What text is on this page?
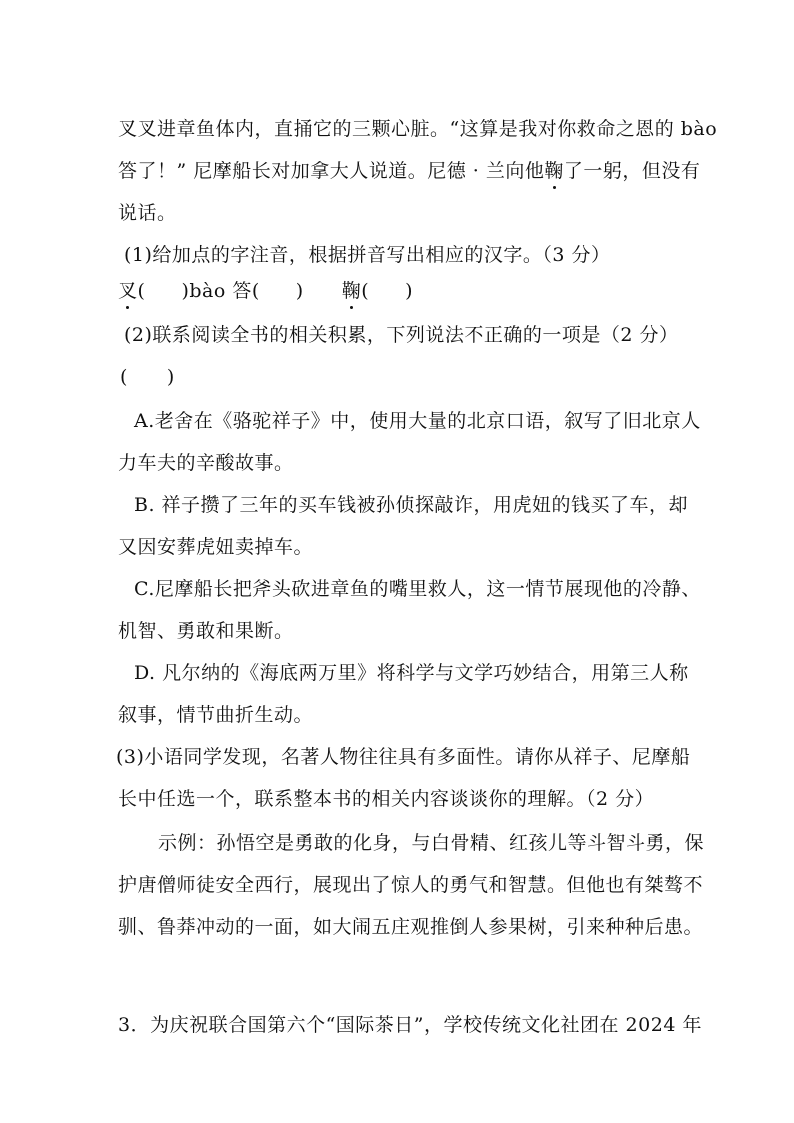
叉叉进章鱼体内，直捅它的三颗心脏。“这算是我对你救命之恩的 bào
答了！” 尼摩船长对加拿大人说道。尼德 · 兰向他鞠了一躬，但没有
说话。
(1)给加点的字注音，根据拼音写出相应的汉字。（3 分）
叉( )bào 答( ) 鞠( )
(2)联系阅读全书的相关积累，下列说法不正确的一项是（2 分）
(　　)
A.老舍在《骆驼祥子》中，使用大量的北京口语，叙写了旧北京人
力车夫的辛酸故事。
B. 祥子攒了三年的买车钱被孙侦探敲诈，用虎妞的钱买了车，却
又因安葬虎妞卖掉车。
C.尼摩船长把斧头砍进章鱼的嘴里救人，这一情节展现他的冷静、
机智、勇敢和果断。
D. 凡尔纳的《海底两万里》将科学与文学巧妙结合，用第三人称
叙事，情节曲折生动。
(3)小语同学发现，名著人物往往具有多面性。请你从祥子、尼摩船
长中任选一个，联系整本书的相关内容谈谈你的理解。（2 分）
示例：孙悟空是勇敢的化身，与白骨精、红孩儿等斗智斗勇，保
护唐僧师徒安全西行，展现出了惊人的勇气和智慧。但他也有桀骜不
驯、鲁莽冲动的一面，如大闹五庄观推倒人参果树，引来种种后患。
3．为庆祝联合国第六个“国际茶日”，学校传统文化社团在 2024 年
